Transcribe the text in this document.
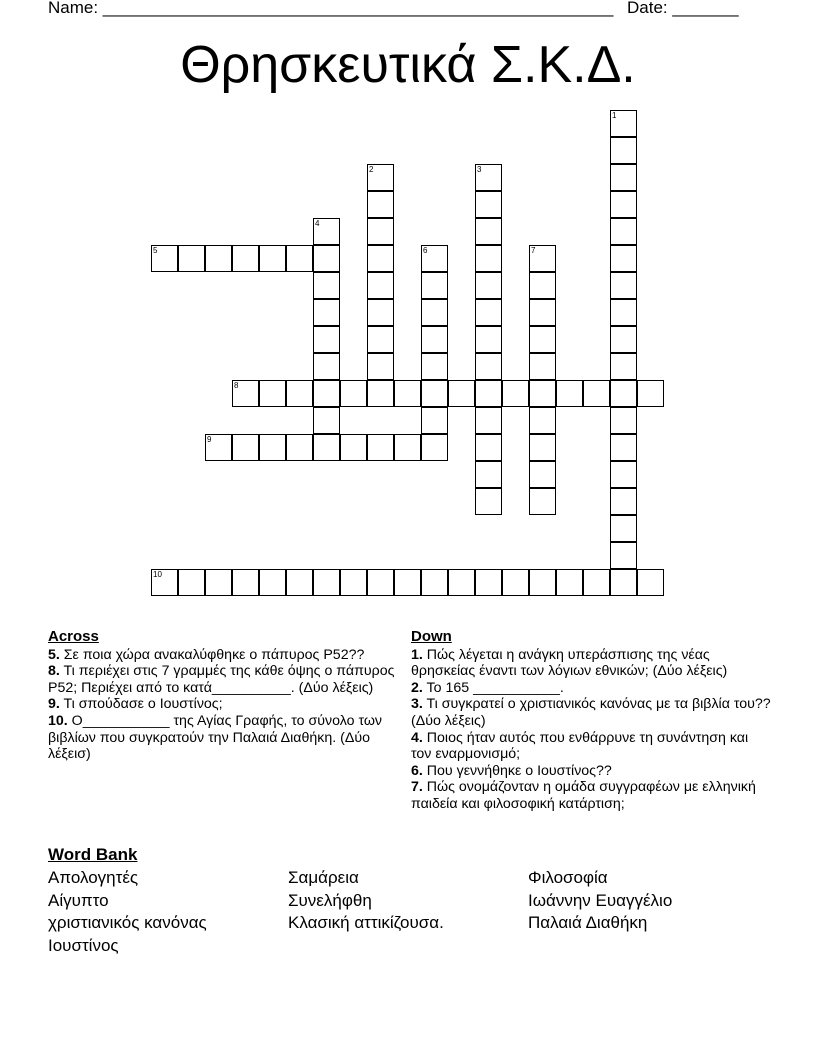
Name: ______________________________________________________ Date: _______
Θρησκευτικά Σ.Κ.Δ.
1
2	3
4
5	6	7
8
9
10
Across
5. Σε ποια χώρα ανακαλύφθηκε ο πάπυρος P52??
8. Τι περιέχει στις 7 γραμμές της κάθε όψης ο πάπυρος P52; Περιέχει από το κατά__________. (Δύο λέξεις)
9. Τι σπούδασε ο Ιουστίνος;
10. Ο___________ της Αγίας Γραφής, το σύνολο των βιβλίων που συγκρατούν την Παλαιά Διαθήκη. (Δύο λέξεισ)
Down
1. Πώς λέγεται η ανάγκη υπεράσπισης της νέας θρησκείας έναντι των λόγιων εθνικών; (Δύο λέξεις)
2. Το 165 ___________.
3. Τι συγκρατεί ο χριστιανικός κανόνας με τα βιβλία του?? (Δύο λέξεις)
4. Ποιος ήταν αυτός που ενθάρρυνε τη συνάντηση και τον εναρμονισμό;
6. Που γεννήθηκε ο Ιουστίνος??
7. Πώς ονομάζονταν η ομάδα συγγραφέων με ελληνική παιδεία και φιλοσοφική κατάρτιση;
Word Bank
Απολογητές
Αίγυπτο
χριστιανικός κανόνας
Ιουστίνος
Σαμάρεια
Συνελήφθη
Κλασική αττικίζουσα.
Φιλοσοφία
Ιωάννην Ευαγγέλιο
Παλαιά Διαθήκη
